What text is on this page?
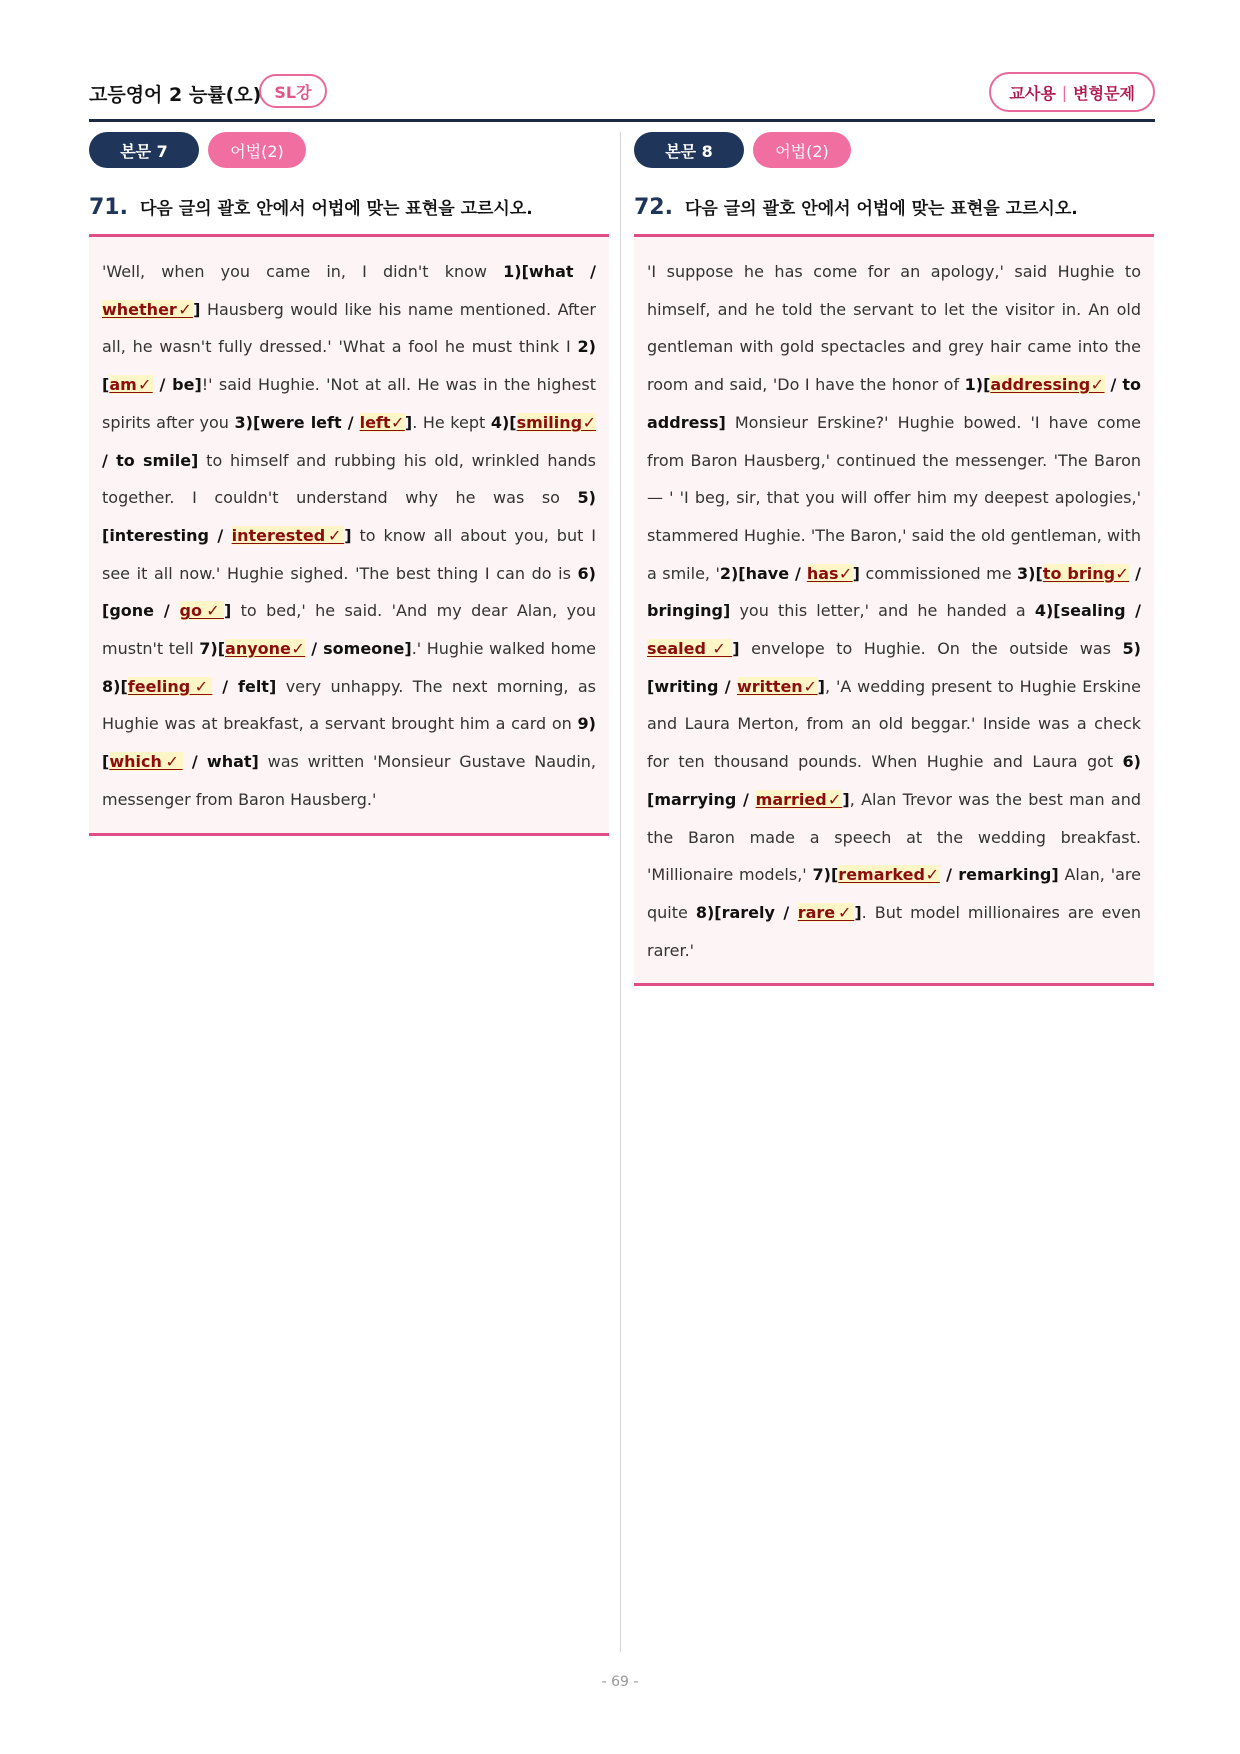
고등영어 2 능률(오) SL강	교사용 | 변형문제
본문 7	어법(2)
71. 다음 글의 괄호 안에서 어법에 맞는 표현을 고르시오.
'Well, when you came in, I didn't know 1)[what / whether✓] Hausberg would like his name mentioned. After all, he wasn't fully dressed.' 'What a fool he must think I 2)[am✓ / be]!' said Hughie. 'Not at all. He was in the highest spirits after you 3)[were left / left✓]. He kept 4)[smiling✓ / to smile] to himself and rubbing his old, wrinkled hands together. I couldn't understand why he was so 5)[interesting / interested✓] to know all about you, but I see it all now.' Hughie sighed. 'The best thing I can do is 6)[gone / go✓] to bed,' he said. 'And my dear Alan, you mustn't tell 7)[anyone✓ / someone].' Hughie walked home 8)[feeling✓ / felt] very unhappy. The next morning, as Hughie was at breakfast, a servant brought him a card on 9)[which✓ / what] was written 'Monsieur Gustave Naudin, messenger from Baron Hausberg.'
본문 8	어법(2)
72. 다음 글의 괄호 안에서 어법에 맞는 표현을 고르시오.
'I suppose he has come for an apology,' said Hughie to himself, and he told the servant to let the visitor in. An old gentleman with gold spectacles and grey hair came into the room and said, 'Do I have the honor of 1)[addressing✓ / to address] Monsieur Erskine?' Hughie bowed. 'I have come from Baron Hausberg,' continued the messenger. 'The Baron — ' 'I beg, sir, that you will offer him my deepest apologies,' stammered Hughie. 'The Baron,' said the old gentleman, with a smile, '2)[have / has✓] commissioned me 3)[to bring✓ / bringing] you this letter,' and he handed a 4)[sealing / sealed✓] envelope to Hughie. On the outside was 5)[writing / written✓], 'A wedding present to Hughie Erskine and Laura Merton, from an old beggar.' Inside was a check for ten thousand pounds. When Hughie and Laura got 6)[marrying / married✓], Alan Trevor was the best man and the Baron made a speech at the wedding breakfast. 'Millionaire models,' 7)[remarked✓ / remarking] Alan, 'are quite 8)[rarely / rare✓]. But model millionaires are even rarer.'
- 69 -
